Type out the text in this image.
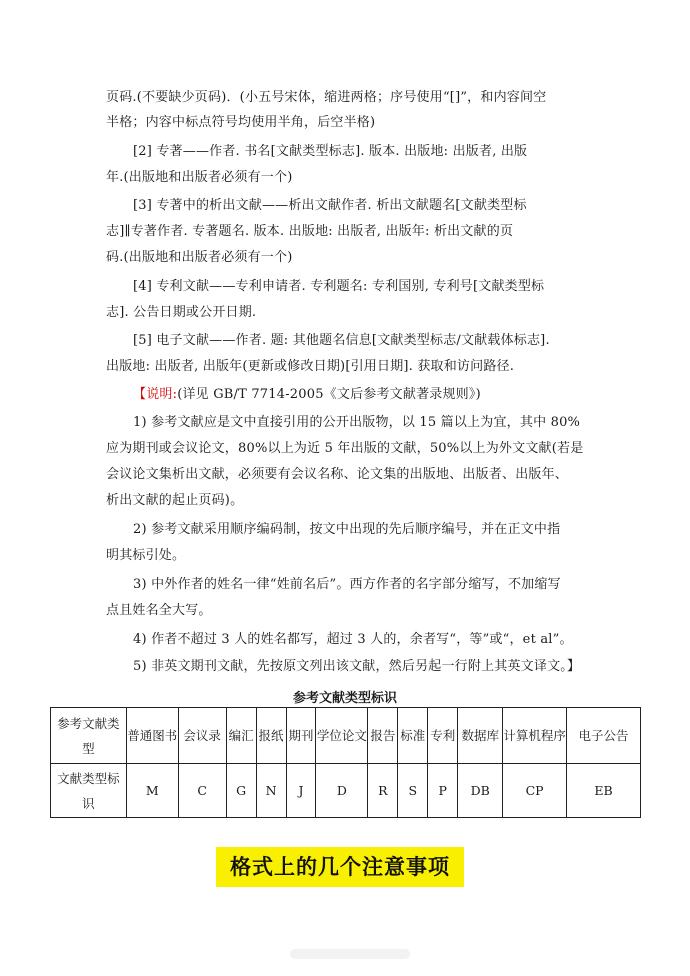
页码.(不要缺少页码)．(小五号宋体，缩进两格；序号使用“[]”，和内容间空
半格；内容中标点符号均使用半角，后空半格)
[2] 专著——作者. 书名[文献类型标志]. 版本. 出版地: 出版者, 出版
年.(出版地和出版者必须有一个)
[3] 专著中的析出文献——析出文献作者. 析出文献题名[文献类型标
志]∥专著作者. 专著题名. 版本. 出版地: 出版者, 出版年: 析出文献的页
码.(出版地和出版者必须有一个)
[4] 专利文献——专利申请者. 专利题名: 专利国别, 专利号[文献类型标
志]. 公告日期或公开日期.
[5] 电子文献——作者. 题: 其他题名信息[文献类型标志/文献载体标志].
出版地: 出版者, 出版年(更新或修改日期)[引用日期]. 获取和访问路径.
【说明:(详见 GB/T 7714-2005《文后参考文献著录规则》)
1) 参考文献应是文中直接引用的公开出版物，以 15 篇以上为宜，其中 80%
应为期刊或会议论文，80%以上为近 5 年出版的文献，50%以上为外文文献(若是
会议论文集析出文献，必须要有会议名称、论文集的出版地、出版者、出版年、
析出文献的起止页码)。
2) 参考文献采用顺序编码制，按文中出现的先后顺序编号，并在正文中指
明其标引处。
3) 中外作者的姓名一律“姓前名后”。西方作者的名字部分缩写，不加缩写
点且姓名全大写。
4) 作者不超过 3 人的姓名都写，超过 3 人的，余者写“，等”或“，et al”。
5) 非英文期刊文献，先按原文列出该文献，然后另起一行附上其英文译文。】
参考文献类型标识
参考文献类型	普通图书	会议录	编汇	报纸	期刊	学位论文	报告	标准	专利	数据库	计算机程序	电子公告
文献类型标识	M	C	G	N	J	D	R	S	P	DB	CP	EB
格式上的几个注意事项
